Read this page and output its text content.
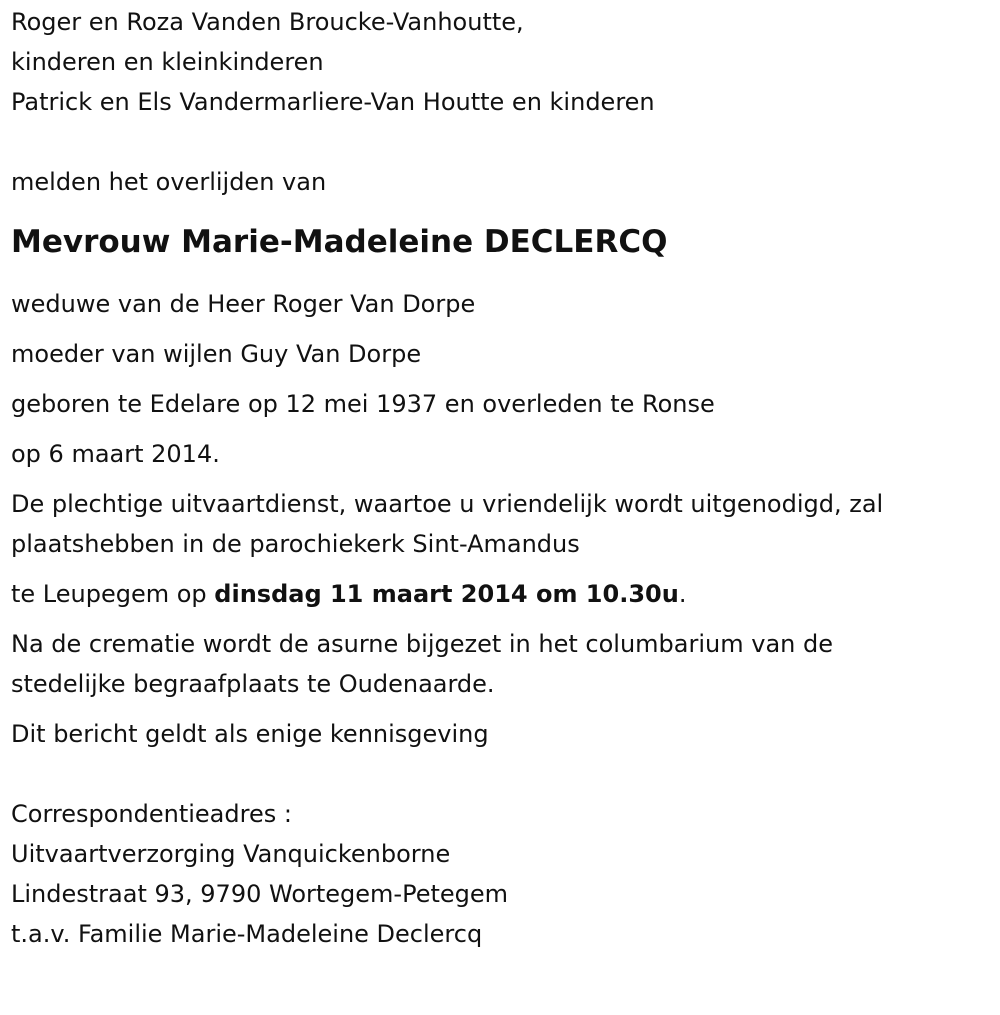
Roger en Roza Vanden Broucke-Vanhoutte,
kinderen en kleinkinderen
Patrick en Els Vandermarliere-Van Houtte en kinderen
melden het overlijden van
Mevrouw Marie-Madeleine DECLERCQ
weduwe van de Heer Roger Van Dorpe
moeder van wijlen Guy Van Dorpe
geboren te Edelare op 12 mei 1937 en overleden te Ronse
op 6 maart 2014.
De plechtige uitvaartdienst, waartoe u vriendelijk wordt uitgenodigd, zal
plaatshebben in de parochiekerk Sint-Amandus
te Leupegem op dinsdag 11 maart 2014 om 10.30u.
Na de crematie wordt de asurne bijgezet in het columbarium van de
stedelijke begraafplaats te Oudenaarde.
Dit bericht geldt als enige kennisgeving
Correspondentieadres :
Uitvaartverzorging Vanquickenborne
Lindestraat 93, 9790 Wortegem-Petegem
t.a.v. Familie Marie-Madeleine Declercq
